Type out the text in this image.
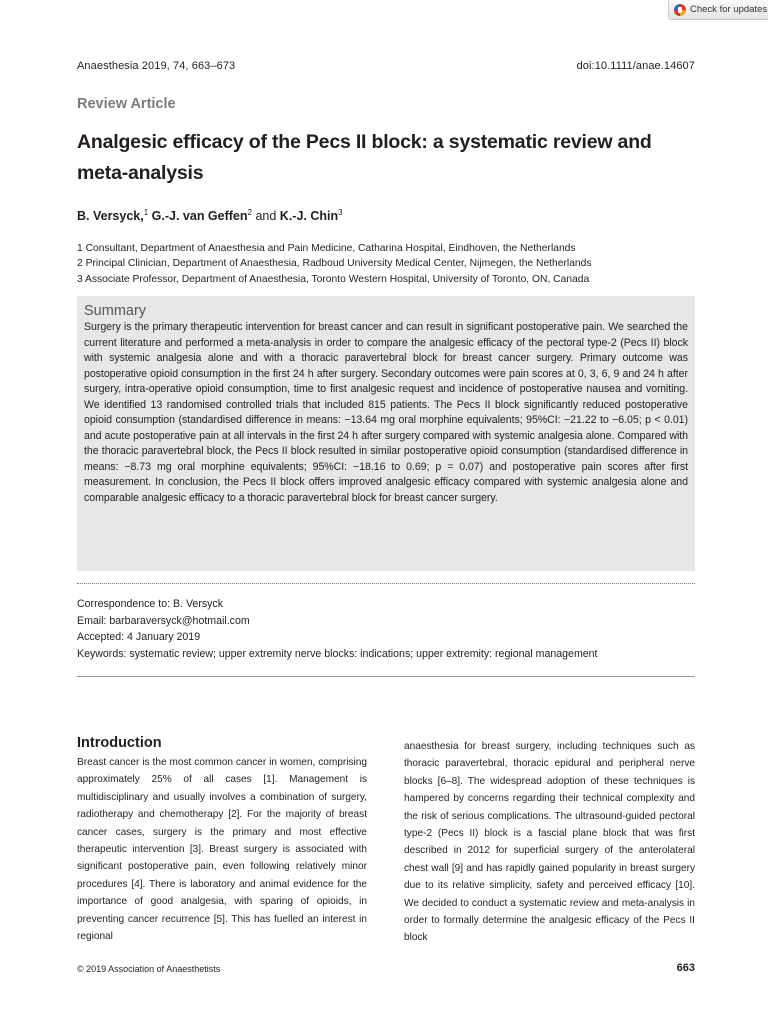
Check for updates
Anaesthesia 2019, 74, 663–673	doi:10.1111/anae.14607
Review Article
Analgesic efficacy of the Pecs II block: a systematic review and meta-analysis
B. Versyck,$^1$ G.-J. van Geffen$^2$ and K.-J. Chin$^3$
1 Consultant, Department of Anaesthesia and Pain Medicine, Catharina Hospital, Eindhoven, the Netherlands
2 Principal Clinician, Department of Anaesthesia, Radboud University Medical Center, Nijmegen, the Netherlands
3 Associate Professor, Department of Anaesthesia, Toronto Western Hospital, University of Toronto, ON, Canada
Summary

Surgery is the primary therapeutic intervention for breast cancer and can result in significant postoperative pain. We searched the current literature and performed a meta-analysis in order to compare the analgesic efficacy of the pectoral type-2 (Pecs II) block with systemic analgesia alone and with a thoracic paravertebral block for breast cancer surgery. Primary outcome was postoperative opioid consumption in the first 24 h after surgery. Secondary outcomes were pain scores at 0, 3, 6, 9 and 24 h after surgery, intra-operative opioid consumption, time to first analgesic request and incidence of postoperative nausea and vomiting. We identified 13 randomised controlled trials that included 815 patients. The Pecs II block significantly reduced postoperative opioid consumption (standardised difference in means: −13.64 mg oral morphine equivalents; 95%CI: −21.22 to −6.05; p < 0.01) and acute postoperative pain at all intervals in the first 24 h after surgery compared with systemic analgesia alone. Compared with the thoracic paravertebral block, the Pecs II block resulted in similar postoperative opioid consumption (standardised difference in means: −8.73 mg oral morphine equivalents; 95%CI: −18.16 to 0.69; p = 0.07) and postoperative pain scores after first measurement. In conclusion, the Pecs II block offers improved analgesic efficacy compared with systemic analgesia alone and comparable analgesic efficacy to a thoracic paravertebral block for breast cancer surgery.

Correspondence to: B. Versyck
Email: barbaraversyck@hotmail.com
Accepted: 4 January 2019
Keywords: systematic review; upper extremity nerve blocks: indications; upper extremity: regional management
Introduction
Breast cancer is the most common cancer in women, comprising approximately 25% of all cases [1]. Management is multidisciplinary and usually involves a combination of surgery, radiotherapy and chemotherapy [2]. For the majority of breast cancer cases, surgery is the primary and most effective therapeutic intervention [3]. Breast surgery is associated with significant postoperative pain, even following relatively minor procedures [4]. There is laboratory and animal evidence for the importance of good analgesia, with sparing of opioids, in preventing cancer recurrence [5]. This has fuelled an interest in regional
anaesthesia for breast surgery, including techniques such as thoracic paravertebral, thoracic epidural and peripheral nerve blocks [6–8]. The widespread adoption of these techniques is hampered by concerns regarding their technical complexity and the risk of serious complications. The ultrasound-guided pectoral type-2 (Pecs II) block is a fascial plane block that was first described in 2012 for superficial surgery of the anterolateral chest wall [9] and has rapidly gained popularity in breast surgery due to its relative simplicity, safety and perceived efficacy [10]. We decided to conduct a systematic review and meta-analysis in order to formally determine the analgesic efficacy of the Pecs II block
© 2019 Association of Anaesthetists	663
